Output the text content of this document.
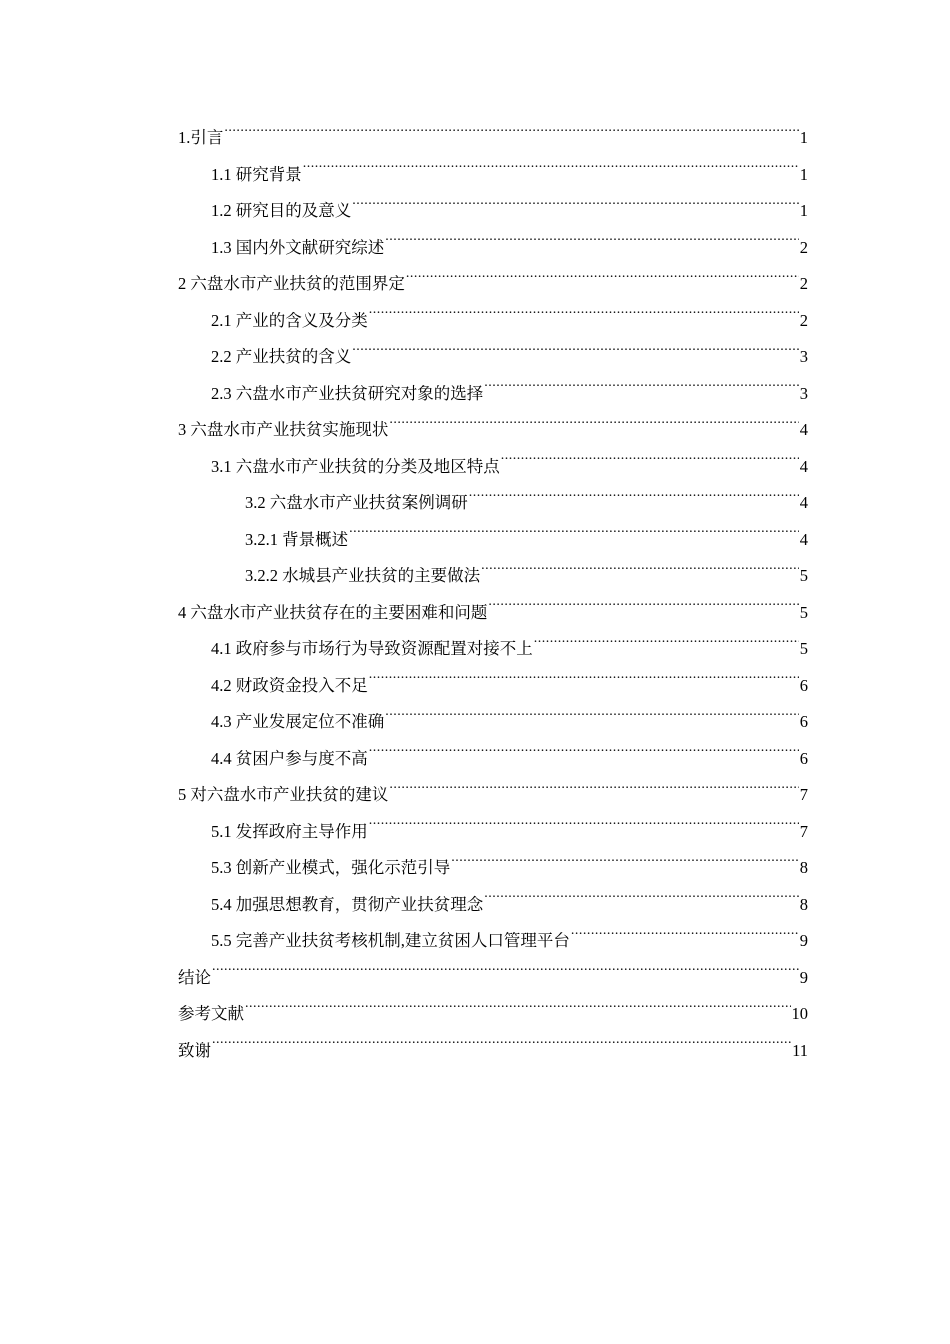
1.引言 .....	1
1.1 研究背景 .....	1
1.2 研究目的及意义 .....	1
1.3 国内外文献研究综述 .....	2
2 六盘水市产业扶贫的范围界定 .....	2
2.1 产业的含义及分类 .....	2
2.2 产业扶贫的含义 .....	3
2.3 六盘水市产业扶贫研究对象的选择 .....	3
3 六盘水市产业扶贫实施现状 .....	4
3.1 六盘水市产业扶贫的分类及地区特点 .....	4
3.2 六盘水市产业扶贫案例调研 .....	4
3.2.1 背景概述 .....	4
3.2.2 水城县产业扶贫的主要做法 .....	5
4 六盘水市产业扶贫存在的主要困难和问题 .....	5
4.1 政府参与市场行为导致资源配置对接不上 .....	5
4.2 财政资金投入不足 .....	6
4.3 产业发展定位不准确 .....	6
4.4 贫困户参与度不高 .....	6
5 对六盘水市产业扶贫的建议 .....	7
5.1 发挥政府主导作用 .....	7
5.3 创新产业模式，强化示范引导 .....	8
5.4 加强思想教育，贯彻产业扶贫理念 .....	8
5.5 完善产业扶贫考核机制,建立贫困人口管理平台 .....	9
结论 .....	9
参考文献 .....	10
致谢 .....	11
